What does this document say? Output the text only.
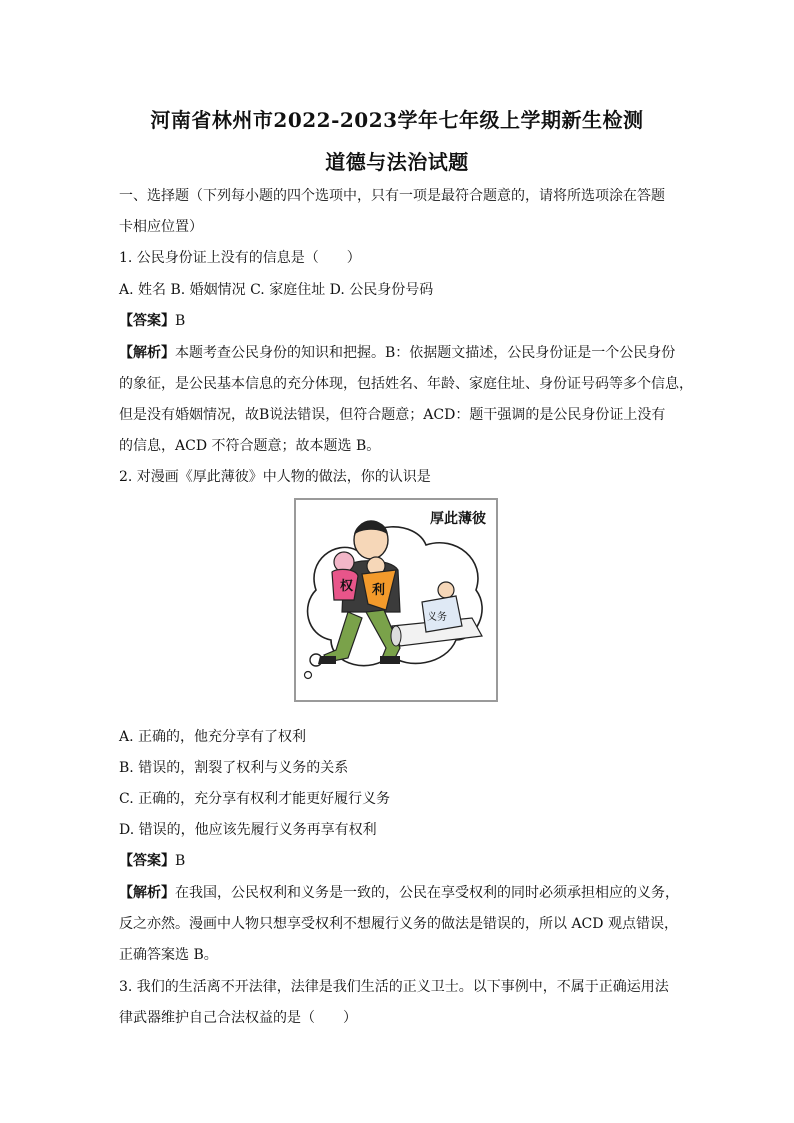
河南省林州市2022-2023学年七年级上学期新生检测
道德与法治试题
一、选择题（下列每小题的四个选项中，只有一项是最符合题意的，请将所选项涂在答题
卡相应位置）
1. 公民身份证上没有的信息是（　　）
A. 姓名 B. 婚姻情况 C. 家庭住址 D. 公民身份号码
【答案】B
【解析】本题考查公民身份的知识和把握。B：依据题文描述，公民身份证是一个公民身份
的象征，是公民基本信息的充分体现，包括姓名、年龄、家庭住址、身份证号码等多个信息，
但是没有婚姻情况，故B说法错误，但符合题意；ACD：题干强调的是公民身份证上没有
的信息，ACD 不符合题意；故本题选 B。
2. 对漫画《厚此薄彼》中人物的做法，你的认识是
权 利
义务
厚此薄彼
A. 正确的，他充分享有了权利
B. 错误的，割裂了权利与义务的关系
C. 正确的，充分享有权利才能更好履行义务
D. 错误的，他应该先履行义务再享有权利
【答案】B
【解析】在我国，公民权利和义务是一致的，公民在享受权利的同时必须承担相应的义务，
反之亦然。漫画中人物只想享受权利不想履行义务的做法是错误的，所以 ACD 观点错误，
正确答案选 B。
3. 我们的生活离不开法律，法律是我们生活的正义卫士。以下事例中，不属于正确运用法
律武器维护自己合法权益的是（　　）
